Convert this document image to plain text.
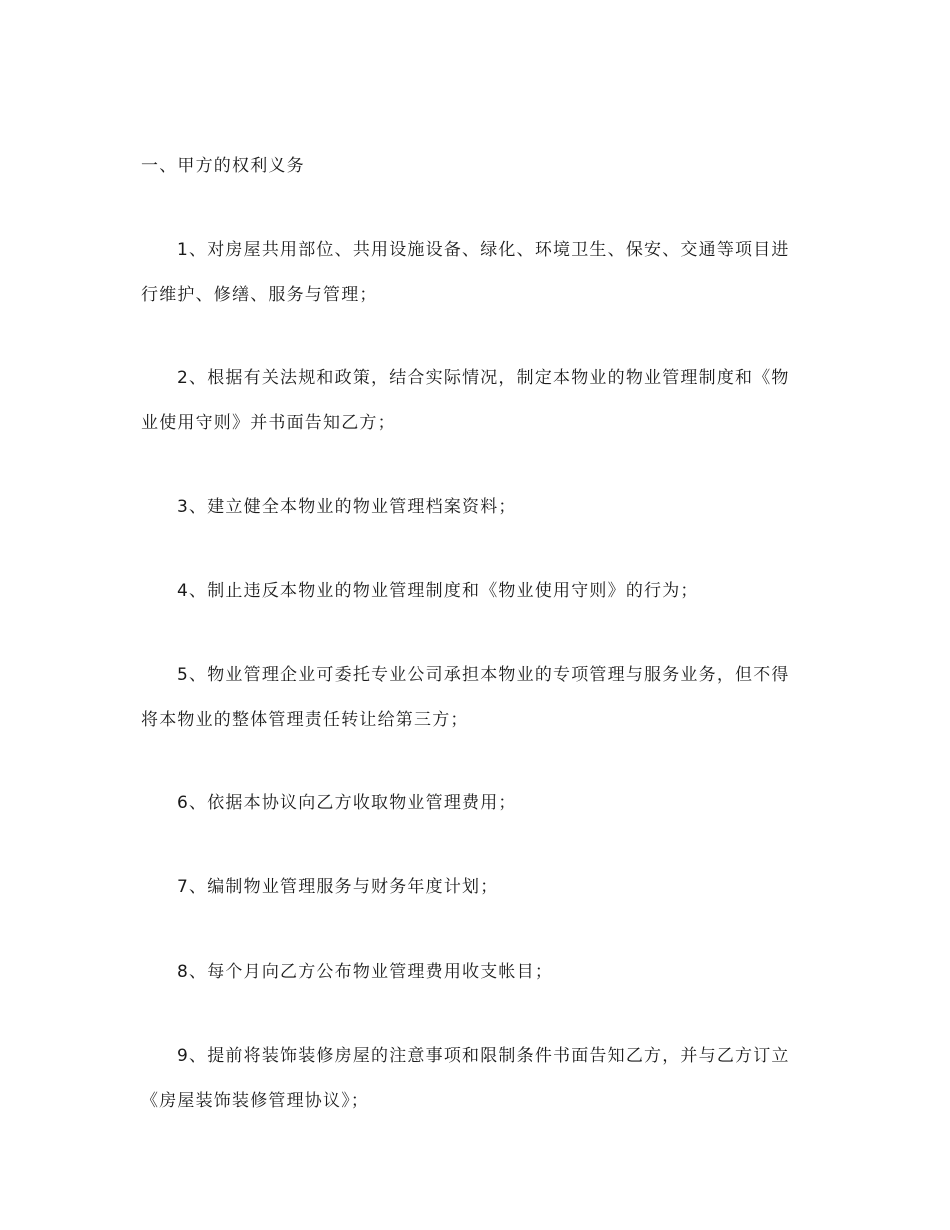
一、甲方的权利义务

1、对房屋共用部位、共用设施设备、绿化、环境卫生、保安、交通等项目进
行维护、修缮、服务与管理；

2、根据有关法规和政策，结合实际情况，制定本物业的物业管理制度和《物
业使用守则》并书面告知乙方；

3、建立健全本物业的物业管理档案资料；

4、制止违反本物业的物业管理制度和《物业使用守则》的行为；

5、物业管理企业可委托专业公司承担本物业的专项管理与服务业务，但不得
将本物业的整体管理责任转让给第三方；

6、依据本协议向乙方收取物业管理费用；

7、编制物业管理服务与财务年度计划；

8、每个月向乙方公布物业管理费用收支帐目；

9、提前将装饰装修房屋的注意事项和限制条件书面告知乙方，并与乙方订立
《房屋装饰装修管理协议》；
